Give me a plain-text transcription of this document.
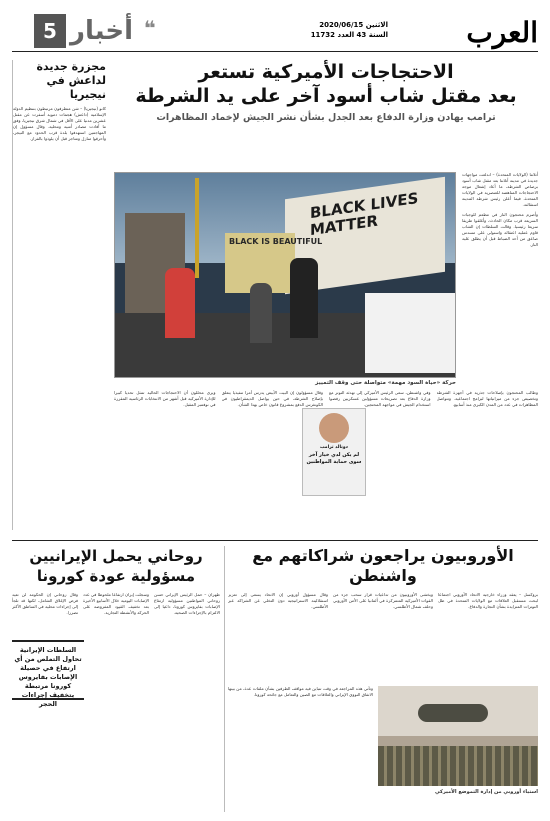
العرب
الاثنين 2020/06/15
السنة 43 العدد 11732
❝
أخبار
5
مجزرة جديدة لداعش في نيجيريا
كانو (نيجيريا) – شن متطرفون مرتبطون بتنظيم الدولة الإسلامية (داعش) هجمات دموية أسفرت عن مقتل عشرين مدنيا على الأقل في شمال شرق نيجيريا، وفق ما أفادت مصادر أمنية ومحلية. وقال مسؤول إن المهاجمين استهدفوا بلدة قرب الحدود مع النيجر، وأحرقوا منازل ومتاجر قبل أن يلوذوا بالفرار.
الاحتجاجات الأميركية تستعر
بعد مقتل شاب أسود آخر على يد الشرطة
ترامب يهادن وزارة الدفاع بعد الجدل بشأن نشر الجيش لإخماد المظاهرات
BLACK LIVES MATTER
BLACK IS BEAUTIFUL
حركة «حياة السود مهمة» متواصلة حتى وقف التمييز
أتلانتا (الولايات المتحدة) – اندلعت مواجهات جديدة في مدينة أتلانتا بعد مقتل شاب أسود برصاص الشرطة، ما أعاد إشعال موجة الاحتجاجات المناهضة للعنصرية في الولايات المتحدة، فيما أعلن رئيس شرطة المدينة استقالته.
وأضرم محتجون النار في مطعم للوجبات السريعة قرب مكان الحادث، وأغلقوا طريقا سريعا رئيسيا. وقالت السلطات إن الشاب قاوم عملية اعتقاله واستولى على مسدس صاعق من أحد الضباط قبل أن يطلق عليه النار.
وطالب المحتجون بإصلاحات جذرية في أجهزة الشرطة وتخصيص جزء من ميزانياتها لبرامج اجتماعية. وتتواصل المظاهرات في عدد من المدن الكبرى منذ أسابيع.
وفي واشنطن، سعى الرئيس الأميركي إلى تهدئة التوتر مع وزارة الدفاع بعد تصريحات مسؤولين عسكريين رفضوا استخدام الجيش في مواجهة المحتجين.
وقال مسؤولون إن البيت الأبيض يدرس أمرا تنفيذيا يتعلق بإصلاح الشرطة، في حين يواصل الديمقراطيون في الكونغرس الدفع بمشروع قانون خاص بهذا الشأن.
ويرى محللون أن الاحتجاجات الحالية تمثل تحديا كبيرا للإدارة الأميركية قبل أشهر من الانتخابات الرئاسية المقررة في نوفمبر المقبل.
دونالد ترامب
لم يكن لدي خيار آخر سوى حماية المواطنين
الأوروبيون يراجعون شراكاتهم مع واشنطن
بروكسل – يعقد وزراء خارجية الاتحاد الأوروبي اجتماعا لبحث مستقبل العلاقات مع الولايات المتحدة في ظل التوترات المتزايدة بشأن التجارة والدفاع.
ويخشى الأوروبيون من تداعيات قرار سحب جزء من القوات الأميركية المتمركزة في ألمانيا على الأمن الأوروبي وحلف شمال الأطلسي.
وقال مسؤول أوروبي إن الاتحاد يسعى إلى تعزيز استقلاليته الاستراتيجية دون التخلي عن الشراكة عبر الأطلسي.
وتأتي هذه المراجعة في وقت تتباين فيه مواقف الطرفين بشأن ملفات عدة، من بينها الاتفاق النووي الإيراني والعلاقات مع الصين والتعامل مع جائحة كورونا.
استياء أوروبي من إدارة التموضع الأميركي
روحاني يحمل الإيرانيين
مسؤولية عودة كورونا
طهران – حمل الرئيس الإيراني حسن روحاني المواطنين مسؤولية ارتفاع الإصابات بفايروس كورونا، داعيا إلى الالتزام بالإجراءات الصحية.
وسجلت إيران ارتفاعا ملحوظا في عدد الإصابات اليومية خلال الأسابيع الأخيرة بعد تخفيف القيود المفروضة على الحركة والأنشطة التجارية.
وقال روحاني إن الحكومة لن تعيد فرض الإغلاق الشامل، لكنها قد تلجأ إلى إجراءات محلية في المناطق الأكثر تضررا.
السلطات الإيرانية تحاول التملص من أي ارتفاع في حصيلة الإصابات بفايروس كورونا مرتبطة بتخفيف إجراءات الحجر
